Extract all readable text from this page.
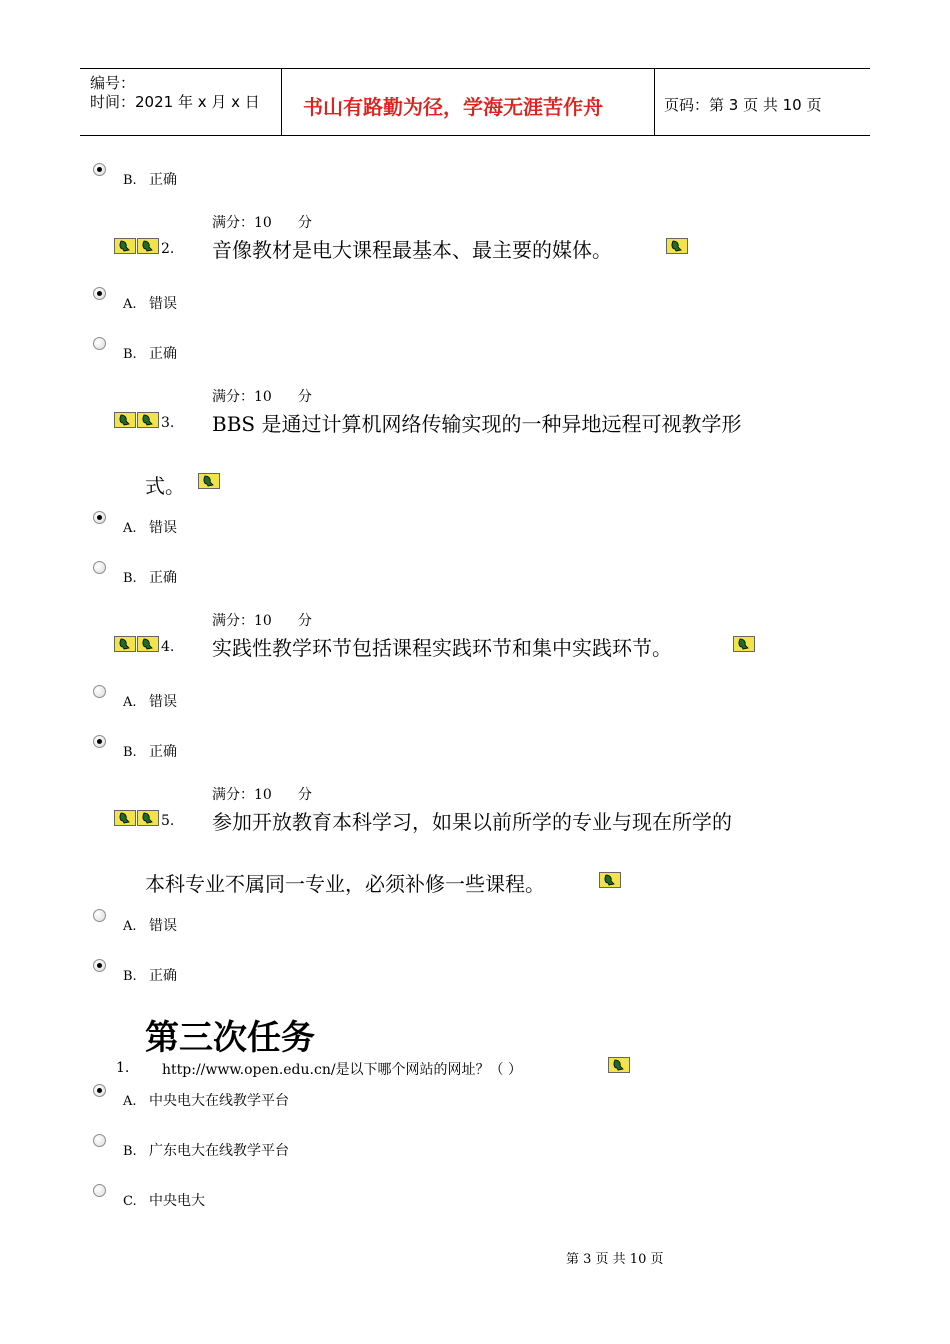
编号：
时间：2021 年 x 月 x 日 书山有路勤为径，学海无涯苦作舟	页码：第 3 页 共 10 页
B. 正确
满分：10 分
2. 音像教材是电大课程最基本、最主要的媒体。
A. 错误
B. 正确
满分：10 分
3. BBS 是通过计算机网络传输实现的一种异地远程可视教学形
式。
A. 错误
B. 正确
满分：10 分
4. 实践性教学环节包括课程实践环节和集中实践环节。
A. 错误
B. 正确
满分：10 分
5. 参加开放教育本科学习，如果以前所学的专业与现在所学的
本科专业不属同一专业，必须补修一些课程。
A. 错误
B. 正确
第三次任务
1. http://www.open.edu.cn/是以下哪个网站的网址？（ ）
A. 中央电大在线教学平台
B. 广东电大在线教学平台
C. 中央电大
第 3 页 共 10 页
